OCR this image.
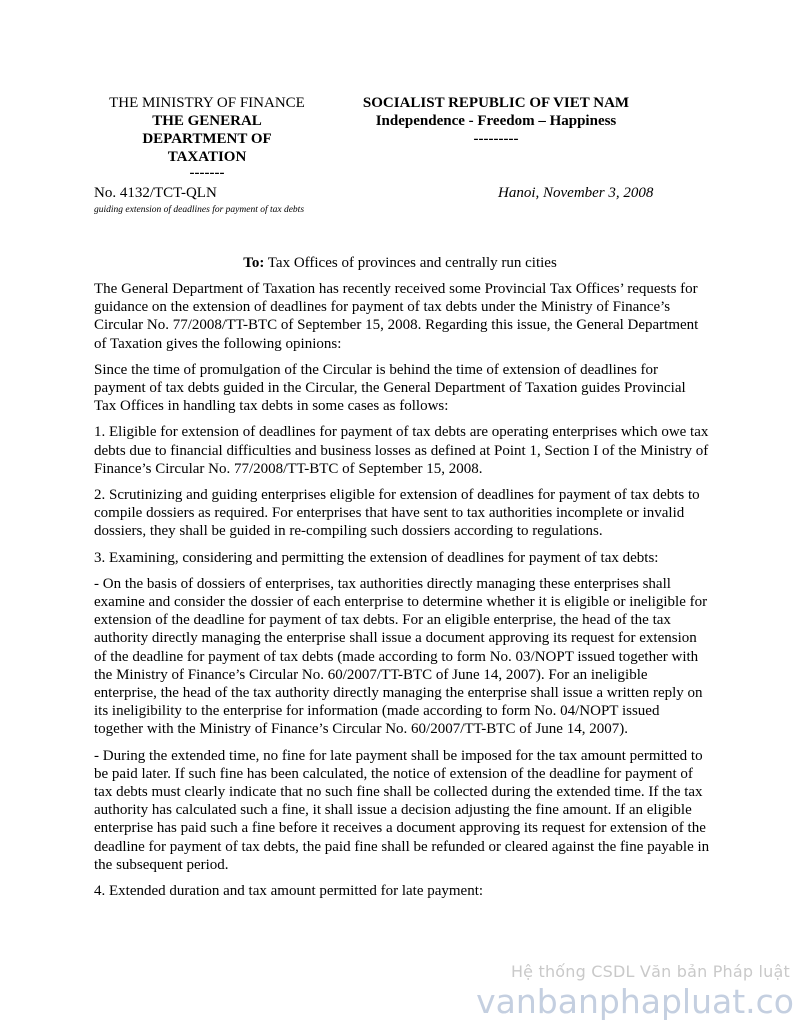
THE MINISTRY OF FINANCE
THE GENERAL
DEPARTMENT OF
TAXATION
-------
No. 4132/TCT-QLN
guiding extension of deadlines for payment of tax debts
SOCIALIST REPUBLIC OF VIET NAM
Independence - Freedom – Happiness
---------
Hanoi, November 3, 2008
To: Tax Offices of provinces and centrally run cities

The General Department of Taxation has recently received some Provincial Tax Offices’ requests for guidance on the extension of deadlines for payment of tax debts under the Ministry of Finance’s Circular No. 77/2008/TT-BTC of September 15, 2008. Regarding this issue, the General Department of Taxation gives the following opinions:

Since the time of promulgation of the Circular is behind the time of extension of deadlines for payment of tax debts guided in the Circular, the General Department of Taxation guides Provincial Tax Offices in handling tax debts in some cases as follows:

1. Eligible for extension of deadlines for payment of tax debts are operating enterprises which owe tax debts due to financial difficulties and business losses as defined at Point 1, Section I of the Ministry of Finance’s Circular No. 77/2008/TT-BTC of September 15, 2008.

2. Scrutinizing and guiding enterprises eligible for extension of deadlines for payment of tax debts to compile dossiers as required. For enterprises that have sent to tax authorities incomplete or invalid dossiers, they shall be guided in re-compiling such dossiers according to regulations.

3. Examining, considering and permitting the extension of deadlines for payment of tax debts:

- On the basis of dossiers of enterprises, tax authorities directly managing these enterprises shall examine and consider the dossier of each enterprise to determine whether it is eligible or ineligible for extension of the deadline for payment of tax debts. For an eligible enterprise, the head of the tax authority directly managing the enterprise shall issue a document approving its request for extension of the deadline for payment of tax debts (made according to form No. 03/NOPT issued together with the Ministry of Finance’s Circular No. 60/2007/TT-BTC of June 14, 2007). For an ineligible enterprise, the head of the tax authority directly managing the enterprise shall issue a written reply on its ineligibility to the enterprise for information (made according to form No. 04/NOPT issued together with the Ministry of Finance’s Circular No. 60/2007/TT-BTC of June 14, 2007).

- During the extended time, no fine for late payment shall be imposed for the tax amount permitted to be paid later. If such fine has been calculated, the notice of extension of the deadline for payment of tax debts must clearly indicate that no such fine shall be collected during the extended time. If the tax authority has calculated such a fine, it shall issue a decision adjusting the fine amount. If an eligible enterprise has paid such a fine before it receives a document approving its request for extension of the deadline for payment of tax debts, the paid fine shall be refunded or cleared against the fine payable in the subsequent period.

4. Extended duration and tax amount permitted for late payment:

Hệ thống CSDL Văn bản Pháp luật
vanbanphapluat.co
